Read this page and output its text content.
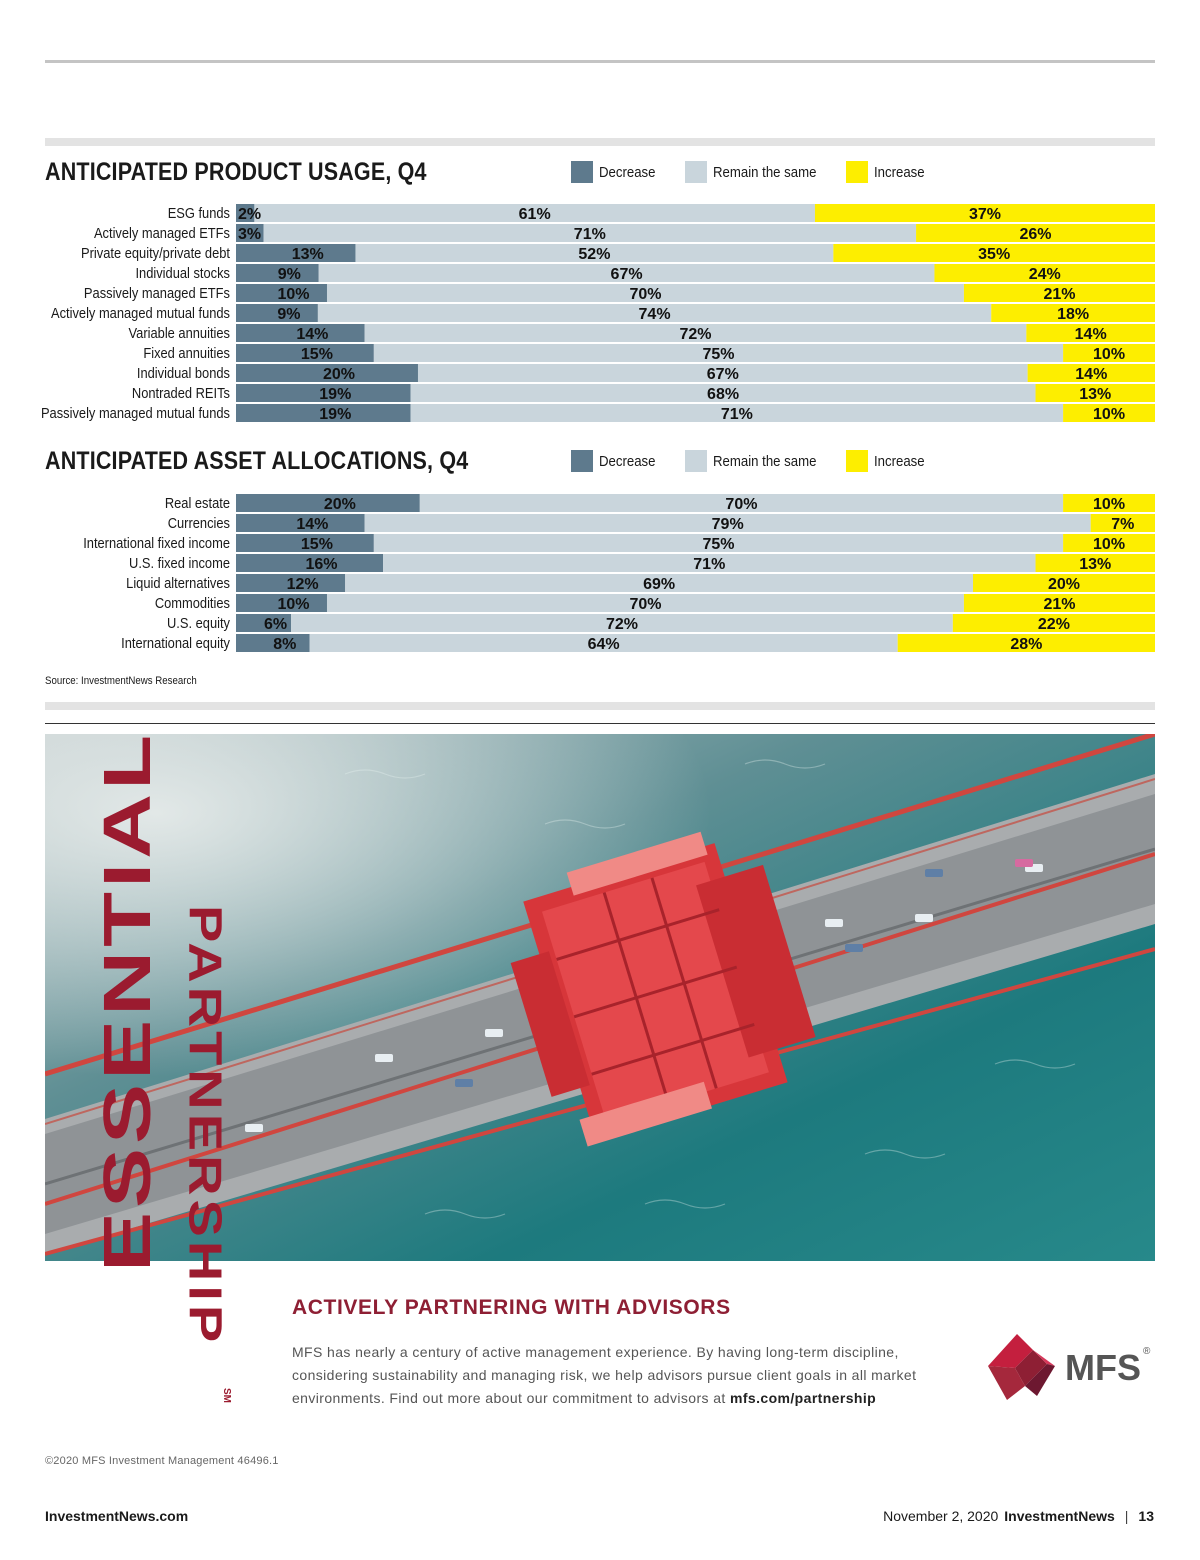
ANTICIPATED PRODUCT USAGE, Q4	Decrease	Remain the same	Increase
ESG funds 2%	61%	37%
Actively managed ETFs 3%	71%	26%
Private equity/private debt	13%	52%	35%
Individual stocks	9%	67%	24%
Passively managed ETFs	10%	70%	21%
Actively managed mutual funds	9%	74%	18%
Variable annuities	14%	72%	14%
Fixed annuities	15%	75%	10%
Individual bonds	20%	67%	14%
Nontraded REITs	19%	68%	13%
Passively managed mutual funds	19%	71%	10%
ANTICIPATED ASSET ALLOCATIONS, Q4	Decrease	Remain the same	Increase
Real estate	20%	70%	10%
Currencies	14%	79%	7%
International fixed income	15%	75%	10%
U.S. fixed income	16%	71%	13%
Liquid alternatives	12%	69%	20%
Commodities	10%	70%	21%
U.S. equity 6%	72%	22%
International equity	8%	64%	28%
Source: InvestmentNews Research
ESSENTIAL PARTNERSHIP
SM
ACTIVELY PARTNERING WITH ADVISORS
MFS has nearly a century of active management experience. By having long-term discipline, considering sustainability and managing risk, we help advisors pursue client goals in all market environments. Find out more about our commitment to advisors at mfs.com/partnership
MFS ®
©2020 MFS Investment Management 46496.1
InvestmentNews.com	November 2, 2020 InvestmentNews | 13
